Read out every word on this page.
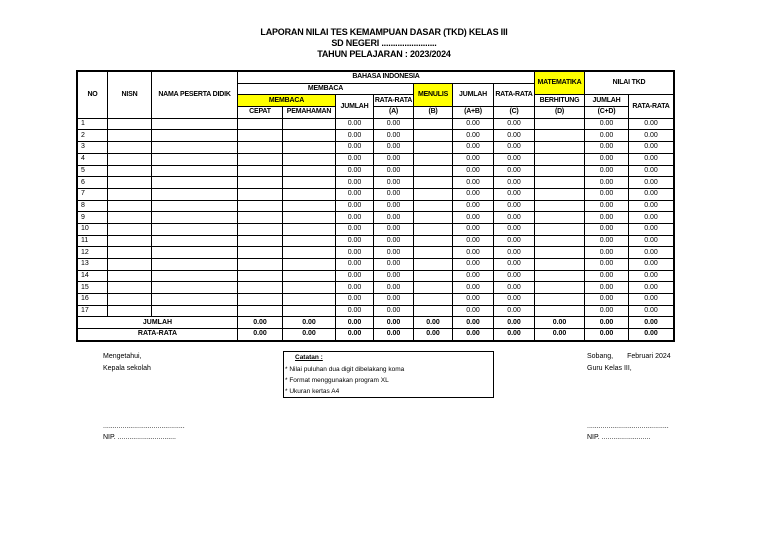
LAPORAN NILAI TES KEMAMPUAN DASAR (TKD) KELAS III
SD NEGERI ........................
TAHUN PELAJARAN : 2023/2024
NO	NISN	NAMA PESERTA DIDIK	BAHASA INDONESIA							MATEMATIKA	NILAI TKD	
			MEMBACA				MENULIS	JUMLAH	RATA-RATA			
			MEMBACA		JUMLAH	RATA-RATA				BERHITUNG	JUMLAH	RATA-RATA
			CEPAT	PEMAHAMAN		(A)	(B)	(A+B)	(C)	(D)	(C+D)	
1					0.00	0.00		0.00	0.00		0.00	0.00
2					0.00	0.00		0.00	0.00		0.00	0.00
3					0.00	0.00		0.00	0.00		0.00	0.00
4					0.00	0.00		0.00	0.00		0.00	0.00
5					0.00	0.00		0.00	0.00		0.00	0.00
6					0.00	0.00		0.00	0.00		0.00	0.00
7					0.00	0.00		0.00	0.00		0.00	0.00
8					0.00	0.00		0.00	0.00		0.00	0.00
9					0.00	0.00		0.00	0.00		0.00	0.00
10					0.00	0.00		0.00	0.00		0.00	0.00
11					0.00	0.00		0.00	0.00		0.00	0.00
12					0.00	0.00		0.00	0.00		0.00	0.00
13					0.00	0.00		0.00	0.00		0.00	0.00
14					0.00	0.00		0.00	0.00		0.00	0.00
15					0.00	0.00		0.00	0.00		0.00	0.00
16					0.00	0.00		0.00	0.00		0.00	0.00
17					0.00	0.00		0.00	0.00		0.00	0.00
JUMLAH			0.00	0.00	0.00	0.00	0.00	0.00	0.00	0.00	0.00	0.00
RATA-RATA			0.00	0.00	0.00	0.00	0.00	0.00	0.00	0.00	0.00	0.00
Mengetahui,
Kepala sekolah
..........................................
NIP. ..............................
Catatan :
* Nilai puluhan dua digit dibelakang koma
* Format menggunakan program XL
* Ukuran kertas A4
Sobang, Februari 2024
Guru Kelas III,
..........................................
NIP. .........................
